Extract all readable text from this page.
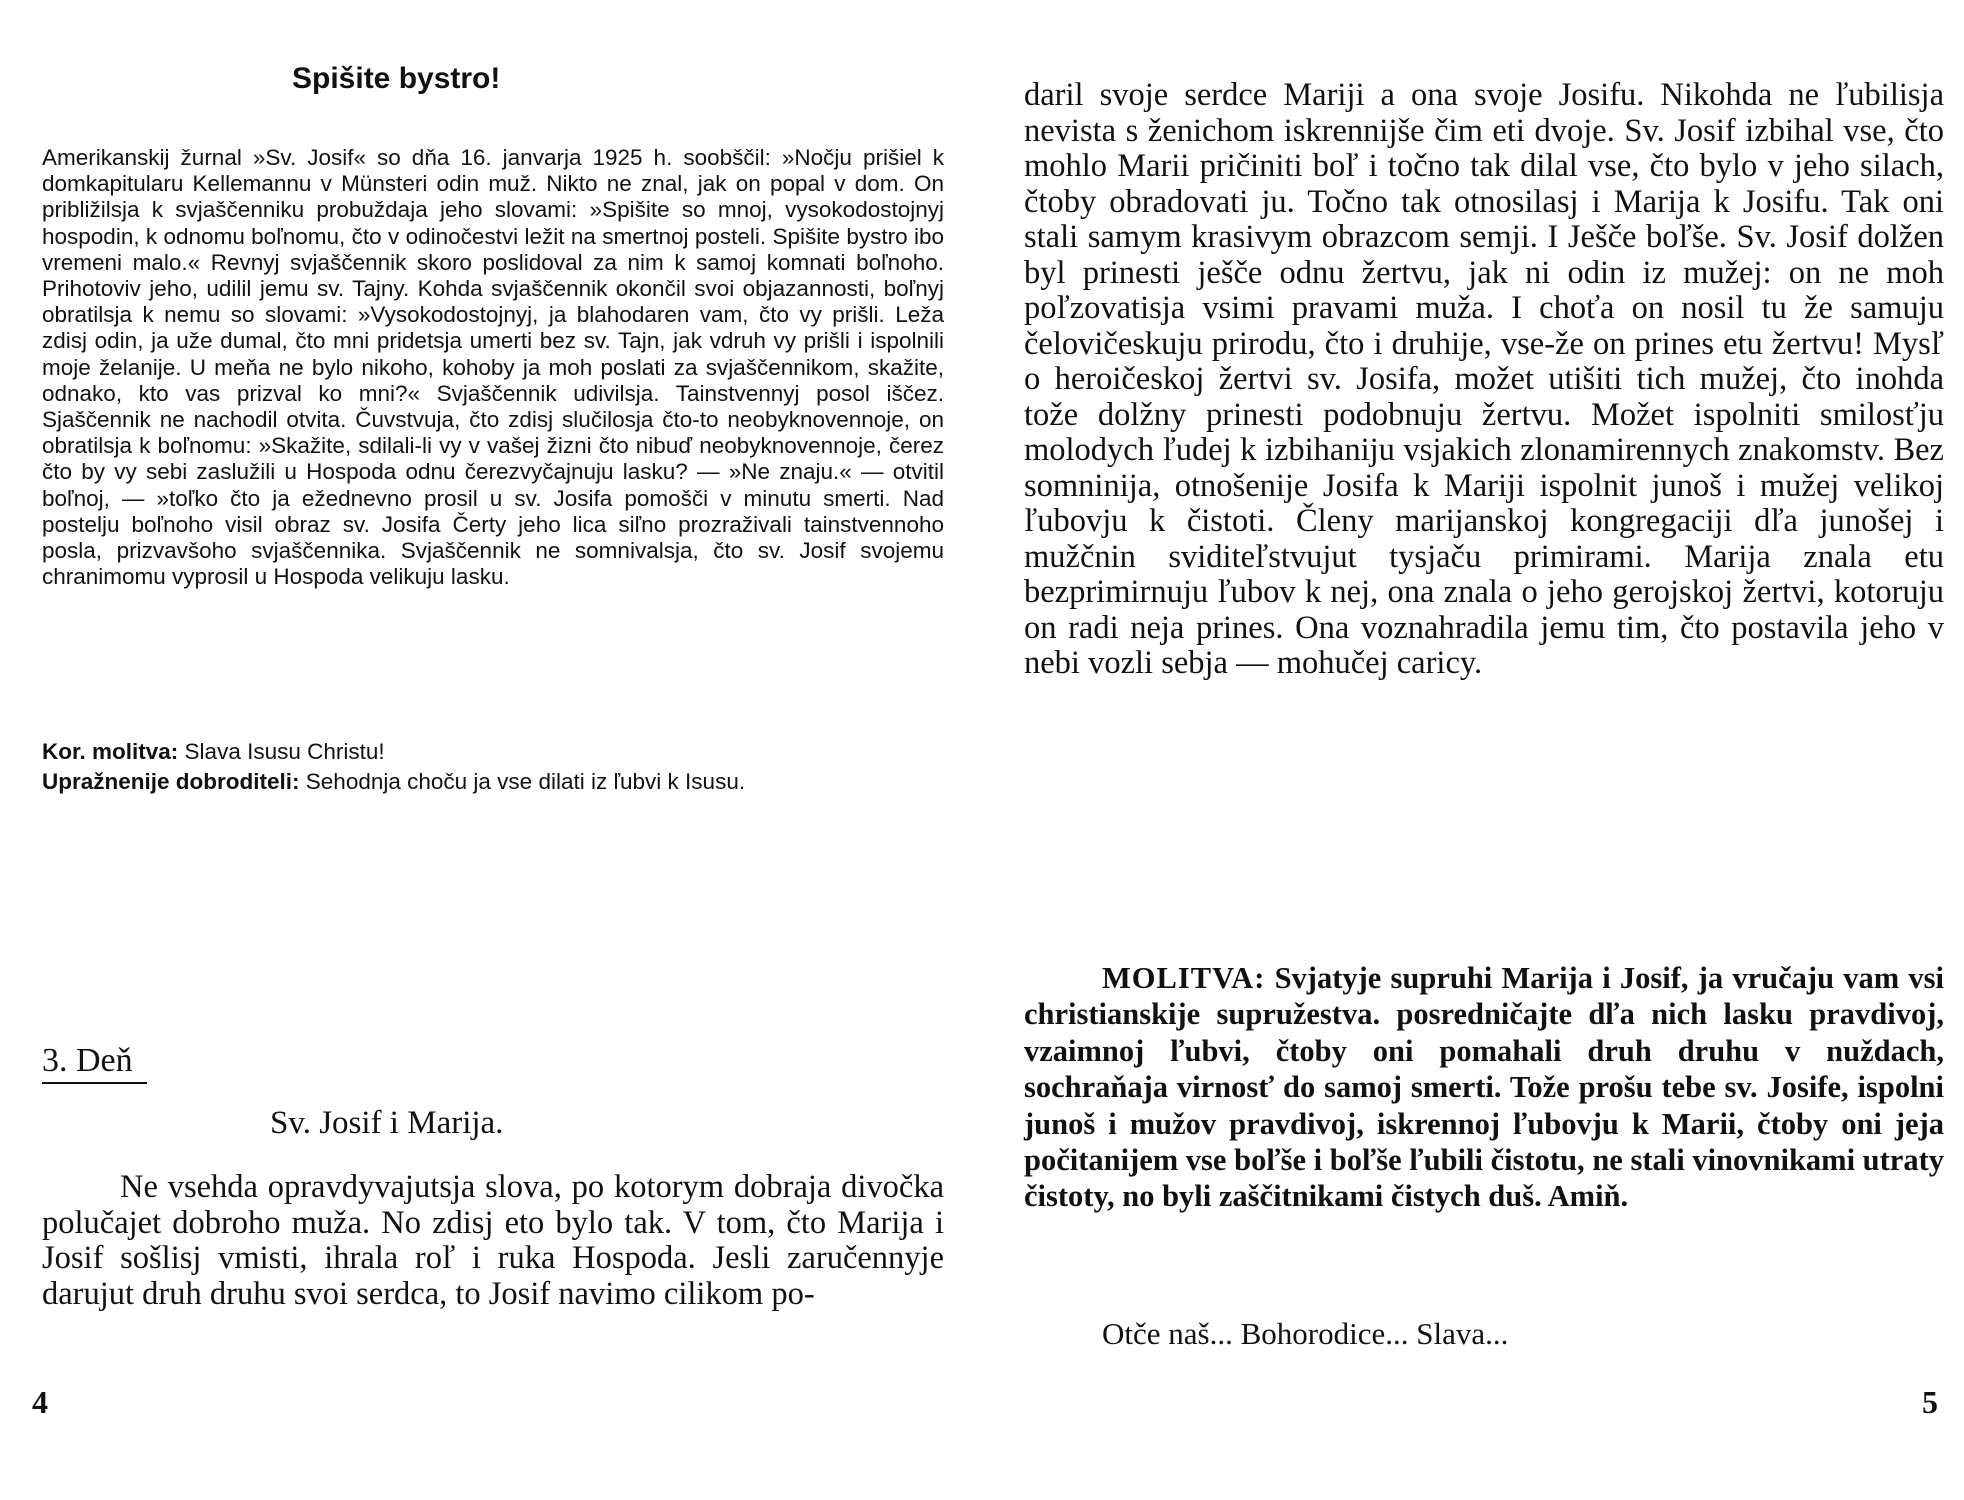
Spišite bystro!

Amerikanskij žurnal »Sv. Josif« so dňa 16. janvarja 1925 h. soobščil: »Nočju prišiel k domkapitularu Kellemannu v Münsteri odin muž. Nikto ne znal, jak on popal v dom. On približilsja k svjaščenniku probuždaja jeho slovami: »Spišite so mnoj, vysokodostojnyj hospodin, k odnomu boľnomu, čto v odinočestvi ležit na smertnoj posteli. Spišite bystro ibo vremeni malo.« Revnyj svjaščennik skoro poslidoval za nim k samoj komnati boľnoho. Prihotoviv jeho, udilil jemu sv. Tajny. Kohda svjaščennik okončil svoi objazannosti, boľnyj obratilsja k nemu so slovami: »Vysokodostojnyj, ja blahodaren vam, čto vy prišli. Leža zdisj odin, ja uže dumal, čto mni pridetsja umerti bez sv. Tajn, jak vdruh vy prišli i ispolnili moje želanije. U meňa ne bylo nikoho, kohoby ja moh poslati za svjaščennikom, skažite, odnako, kto vas prizval ko mni?« Svjaščennik udivilsja. Tainstvennyj posol iščez. Sjaščennik ne nachodil otvita. Čuvstvuja, čto zdisj slučilosja čto-to neobyknovennoje, on obratilsja k boľnomu: »Skažite, sdilali-li vy v vašej žizni čto nibuď neobyknovennoje, čerez čto by vy sebi zaslužili u Hospoda odnu čerezvyčajnuju lasku? — »Ne znaju.« — otvitil boľnoj, — »toľko čto ja ežednevno prosil u sv. Josifa pomošči v minutu smerti. Nad postelju boľnoho visil obraz sv. Josifa Čerty jeho lica siľno prozraživali tainstvennoho posla, prizvavšoho svjaščennika. Svjaščennik ne somnivalsja, čto sv. Josif svojemu chranimomu vyprosil u Hospoda velikuju lasku.

Kor. molitva: Slava Isusu Christu!
Upražnenije dobroditeli: Sehodnja choču ja vse dilati iz ľubvi k Isusu.
3. Deň
Sv. Josif i Marija.

Ne vsehda opravdyvajutsja slova, po kotorym dobraja divočka polučajet dobroho muža. No zdisj eto bylo tak. V tom, čto Marija i Josif sošlisj vmisti, ihrala roľ i ruka Hospoda. Jesli zaručennyje darujut druh druhu svoi serdca, to Josif navimo cilikom po-

4

daril svoje serdce Mariji a ona svoje Josifu. Nikohda ne ľubilisja nevista s ženichom iskrennijše čim eti dvoje. Sv. Josif izbihal vse, čto mohlo Marii pričiniti boľ i točno tak dilal vse, čto bylo v jeho silach, čtoby obradovati ju. Točno tak otnosilasj i Marija k Josifu. Tak oni stali samym krasivym obrazcom semji. I Ješče boľše. Sv. Josif dolžen byl prinesti ješče odnu žertvu, jak ni odin iz mužej: on ne moh poľzovatisja vsimi pravami muža. I choťa on nosil tu že samuju čelovičeskuju prirodu, čto i druhije, vse-že on prines etu žertvu! Mysľ o heroičeskoj žertvi sv. Josifa, možet utišiti tich mužej, čto inohda tože dolžny prinesti podobnuju žertvu. Možet ispolniti smilosťju molodych ľudej k izbihaniju vsjakich zlonamirennych znakomstv. Bez somninija, otnošenije Josifa k Mariji ispolnit junoš i mužej velikoj ľubovju k čistoti. Členy marijanskoj kongregaciji dľa junošej i mužčnin sviditeľstvujut tysjaču primirami. Marija znala etu bezprimirnuju ľubov k nej, ona znala o jeho gerojskoj žertvi, kotoruju on radi neja prines. Ona voznahradila jemu tim, čto postavila jeho v nebi vozli sebja — mohučej caricy.

MOLITVA: Svjatyje supruhi Marija i Josif, ja vručaju vam vsi christianskije supružestva. posredničajte dľa nich lasku pravdivoj, vzaimnoj ľubvi, čtoby oni pomahali druh druhu v nuždach, sochraňaja virnosť do samoj smerti. Tože prošu tebe sv. Josife, ispolni junoš i mužov pravdivoj, iskrennoj ľubovju k Marii, čtoby oni jeja počitanijem vse boľše i boľše ľubili čistotu, ne stali vinovnikami utraty čistoty, no byli zaščitnikami čistych duš. Amiň.
Otče naš... Bohorodice... Slava...
5
